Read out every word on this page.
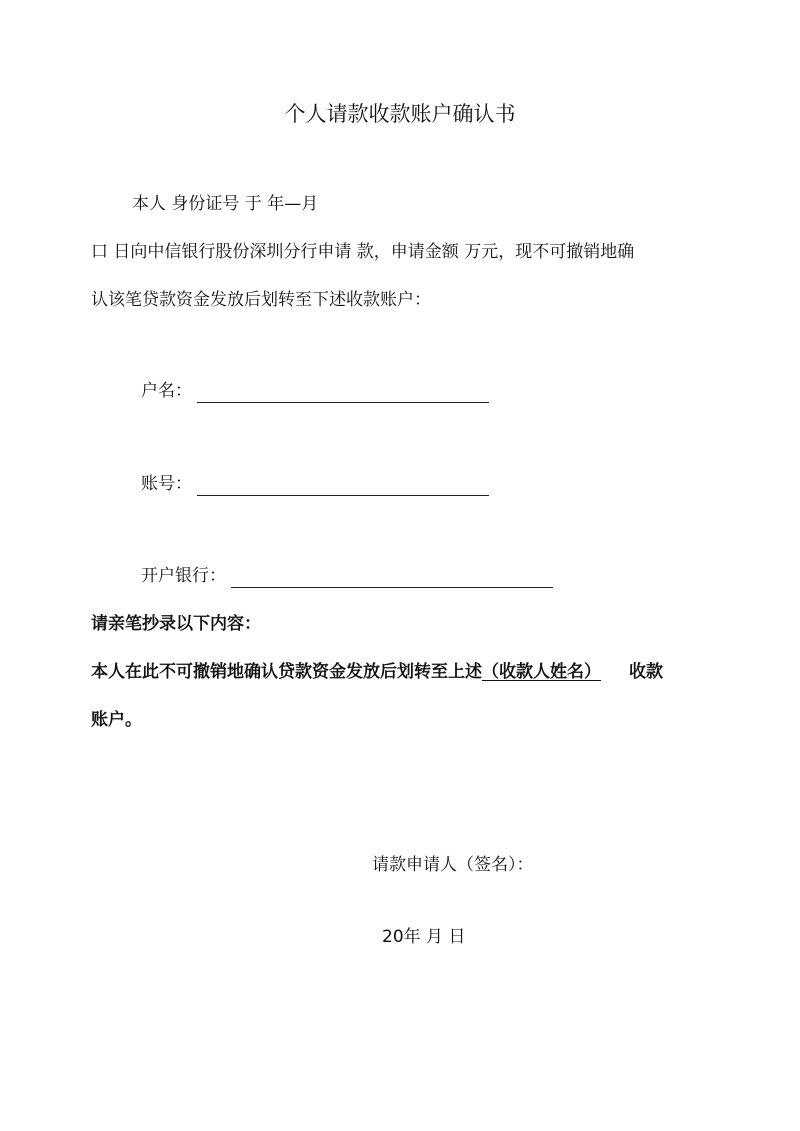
个人请款收款账户确认书
本人 身份证号 于 年—月
口 日向中信银行股份深圳分行申请 款，申请金额 万元，现不可撤销地确
认该笔贷款资金发放后划转至下述收款账户：
户名：
账号：
开户银行：
请亲笔抄录以下内容：
本人在此不可撤销地确认贷款资金发放后划转至上述（收款人姓名） 收款
账户。
请款申请人（签名）：
20年 月 日
